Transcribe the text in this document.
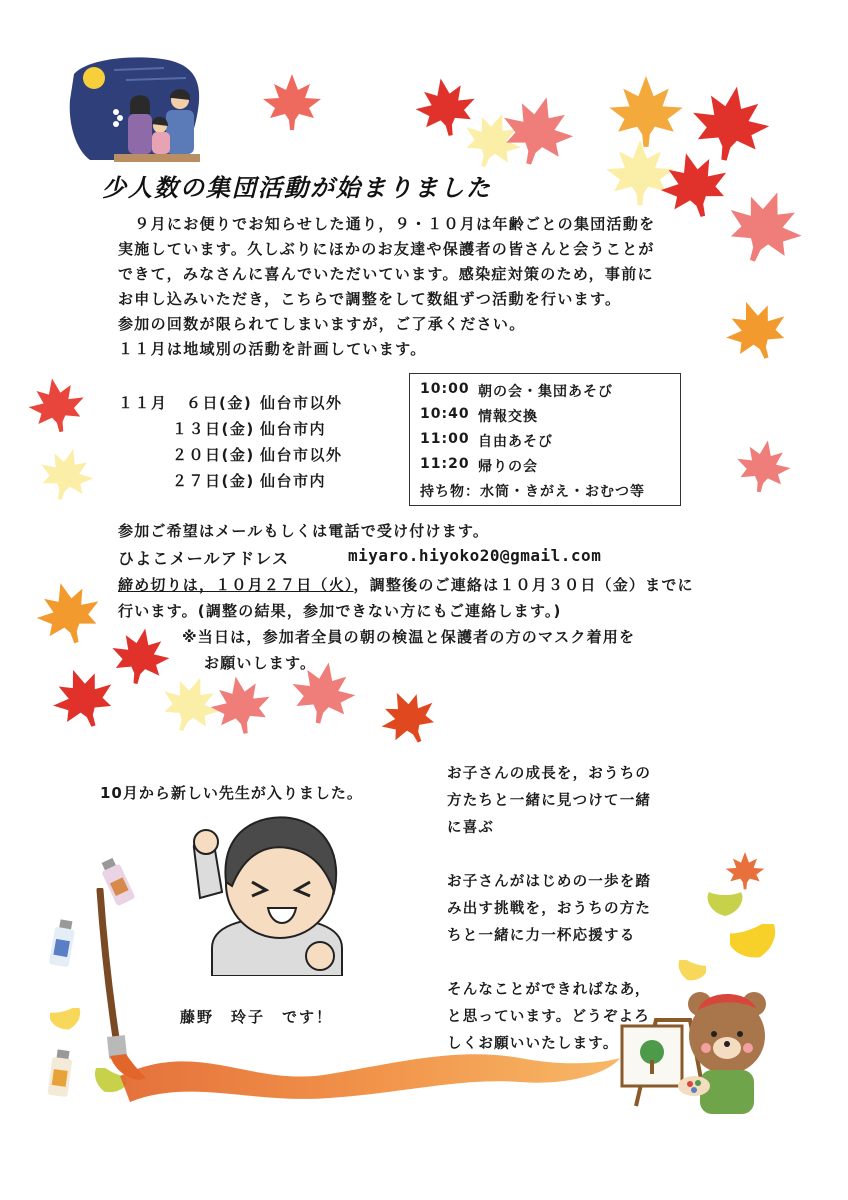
少人数の集団活動が始まりました
　９月にお便りでお知らせした通り，９・１０月は年齢ごとの集団活動を
実施しています。久しぶりにほかのお友達や保護者の皆さんと会うことが
できて，みなさんに喜んでいただいています。感染症対策のため，事前に
お申し込みいただき，こちらで調整をして数組ずつ活動を行います。
参加の回数が限られてしまいますが，ご了承ください。
１１月は地域別の活動を計画しています。
１１月 ６日(金) 仙台市以外
１３日(金) 仙台市内
２０日(金) 仙台市以外
２７日(金) 仙台市内
10:00 朝の会・集団あそび
10:40 情報交換
11:00 自由あそび
11:20 帰りの会
持ち物：水筒・きがえ・おむつ等
参加ご希望はメールもしくは電話で受け付けます。
ひよこメールアドレス	miyaro.hiyoko20@gmail.com
締め切りは，１０月２７日（火），調整後のご連絡は１０月３０日（金）までに
行います。(調整の結果，参加できない方にもご連絡します。)
※当日は，参加者全員の朝の検温と保護者の方のマスク着用を
お願いします。
10月から新しい先生が入りました。
藤野　玲子　です！
お子さんの成長を，おうちの
方たちと一緒に見つけて一緒
に喜ぶ
お子さんがはじめの一歩を踏
み出す挑戦を，おうちの方た
ちと一緒に力一杯応援する
そんなことができればなあ，
と思っています。どうぞよろ
しくお願いいたします。
